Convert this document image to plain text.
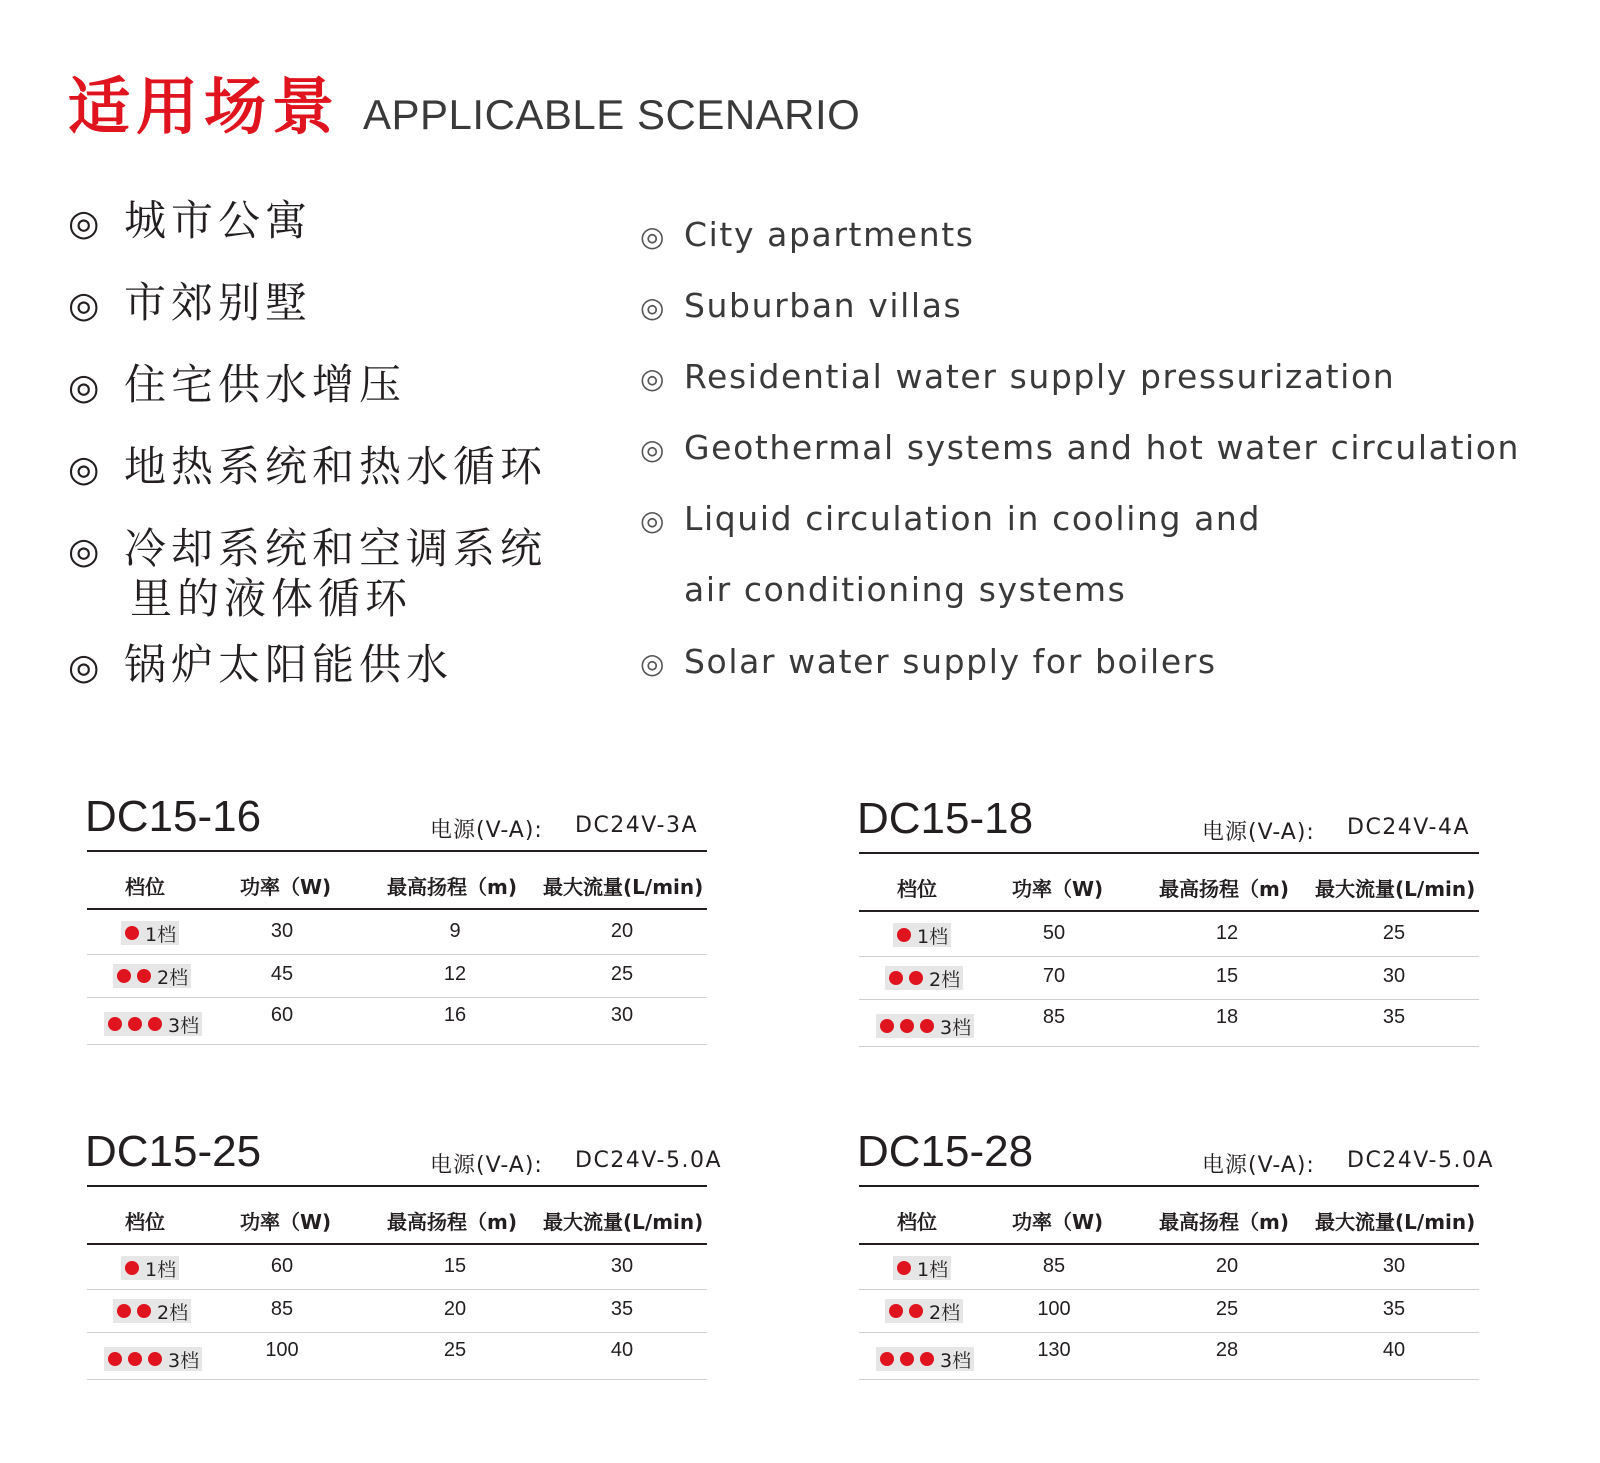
适用场景 APPLICABLE SCENARIO
◎ 城市公寓
◎ 市郊别墅
◎ 住宅供水增压
◎ 地热系统和热水循环
◎ 冷却系统和空调系统
里的液体循环
◎ 锅炉太阳能供水
◎ City apartments
◎ Suburban villas
◎ Residential water supply pressurization
◎ Geothermal systems and hot water circulation
◎ Liquid circulation in cooling and
air conditioning systems
◎ Solar water supply for boilers
DC15-16	电源(V-A): DC24V-3A
档位	功率（W)	最高扬程（m) 最大流量(L/min)
1档	30	9	20
2档	45	12	25
3档	60	16	30
DC15-18	电源(V-A): DC24V-4A
档位	功率（W)	最高扬程（m) 最大流量(L/min)
1档	50	12	25
2档	70	15	30
3档	85	18	35
DC15-25	电源(V-A): DC24V-5.0A
档位	功率（W)	最高扬程（m) 最大流量(L/min)
1档	60	15	30
2档	85	20	35
3档	100	25	40
DC15-28	电源(V-A): DC24V-5.0A
档位	功率（W)	最高扬程（m) 最大流量(L/min)
1档	85	20	30
2档	100	25	35
3档	130	28	40
